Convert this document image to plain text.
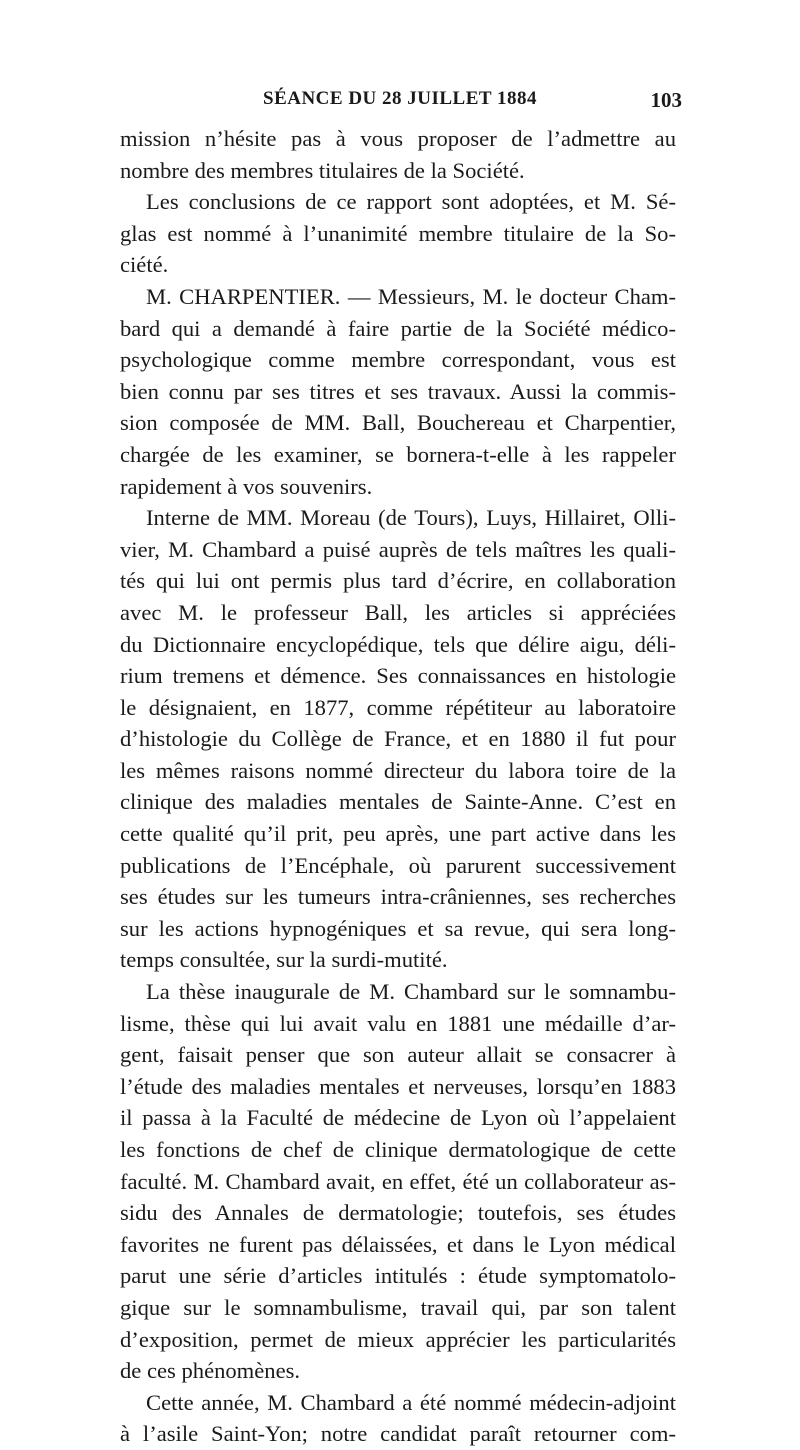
SÉANCE DU 28 JUILLET 1884	103
mission n’hésite pas à vous proposer de l’admettre au
nombre des membres titulaires de la Société.
Les conclusions de ce rapport sont adoptées, et M. Sé-
glas est nommé à l’unanimité membre titulaire de la So-
ciété.
M. CHARPENTIER. — Messieurs, M. le docteur Cham-
bard qui a demandé à faire partie de la Société médico-
psychologique comme membre correspondant, vous est
bien connu par ses titres et ses travaux. Aussi la commis-
sion composée de MM. Ball, Bouchereau et Charpentier,
chargée de les examiner, se bornera-t-elle à les rappeler
rapidement à vos souvenirs.
Interne de MM. Moreau (de Tours), Luys, Hillairet, Olli-
vier, M. Chambard a puisé auprès de tels maîtres les quali-
tés qui lui ont permis plus tard d’écrire, en collaboration
avec M. le professeur Ball, les articles si appréciées
du Dictionnaire encyclopédique, tels que délire aigu, déli-
rium tremens et démence. Ses connaissances en histologie
le désignaient, en 1877, comme répétiteur au laboratoire
d’histologie du Collège de France, et en 1880 il fut pour
les mêmes raisons nommé directeur du labora toire de la
clinique des maladies mentales de Sainte-Anne. C’est en
cette qualité qu’il prit, peu après, une part active dans les
publications de l’Encéphale, où parurent successivement
ses études sur les tumeurs intra-crâniennes, ses recherches
sur les actions hypnogéniques et sa revue, qui sera long-
temps consultée, sur la surdi-mutité.
La thèse inaugurale de M. Chambard sur le somnambu-
lisme, thèse qui lui avait valu en 1881 une médaille d’ar-
gent, faisait penser que son auteur allait se consacrer à
l’étude des maladies mentales et nerveuses, lorsqu’en 1883
il passa à la Faculté de médecine de Lyon où l’appelaient
les fonctions de chef de clinique dermatologique de cette
faculté. M. Chambard avait, en effet, été un collaborateur as-
sidu des Annales de dermatologie; toutefois, ses études
favorites ne furent pas délaissées, et dans le Lyon médical
parut une série d’articles intitulés : étude symptomatolo-
gique sur le somnambulisme, travail qui, par son talent
d’exposition, permet de mieux apprécier les particularités
de ces phénomènes.
Cette année, M. Chambard a été nommé médecin-adjoint
à l’asile Saint-Yon; notre candidat paraît retourner com-
